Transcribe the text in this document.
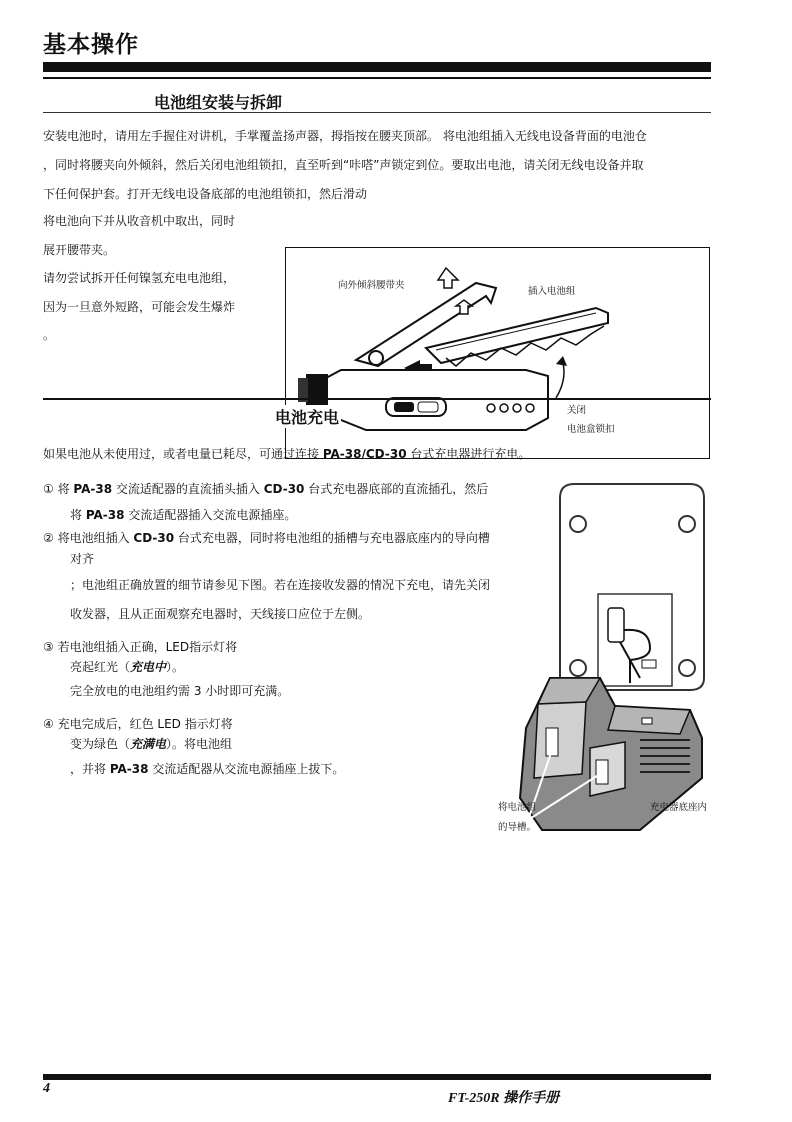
基本操作
电池组安装与拆卸
安装电池时，请用左手握住对讲机，手掌覆盖扬声器，拇指按在腰夹顶部。 将电池组插入无线电设备背面的电池仓
，同时将腰夹向外倾斜，然后关闭电池组锁扣，直至听到“咔嗒”声锁定到位。要取出电池，请关闭无线电设备并取
下任何保护套。打开无线电设备底部的电池组锁扣，然后滑动
将电池向下并从收音机中取出，同时
展开腰带夹。
请勿尝试拆开任何镍氢充电电池组，
因为一旦意外短路，可能会发生爆炸
。
向外倾斜腰带夹
插入电池组
关闭
电池盒锁扣
电池充电
如果电池从未使用过，或者电量已耗尽，可通过连接 PA-38/CD-30 台式充电器进行充电。
① 将 PA-38 交流适配器的直流插头插入 CD-30 台式充电器底部的直流插孔，然后
将 PA-38 交流适配器插入交流电源插座。
② 将电池组插入 CD-30 台式充电器，同时将电池组的插槽与充电器底座内的导向槽
对齐
；电池组正确放置的细节请参见下图。若在连接收发器的情况下充电，请先关闭
收发器，且从正面观察充电器时，天线接口应位于左侧。
③ 若电池组插入正确，LED指示灯将
亮起红光（充电中）。
完全放电的电池组约需 3 小时即可充满。
④ 充电完成后，红色 LED 指示灯将
变为绿色（充满电）。将电池组
，并将 PA-38 交流适配器从交流电源插座上拔下。
将电池组
的导槽。
充电器底座内
4
FT-250R 操作手册
